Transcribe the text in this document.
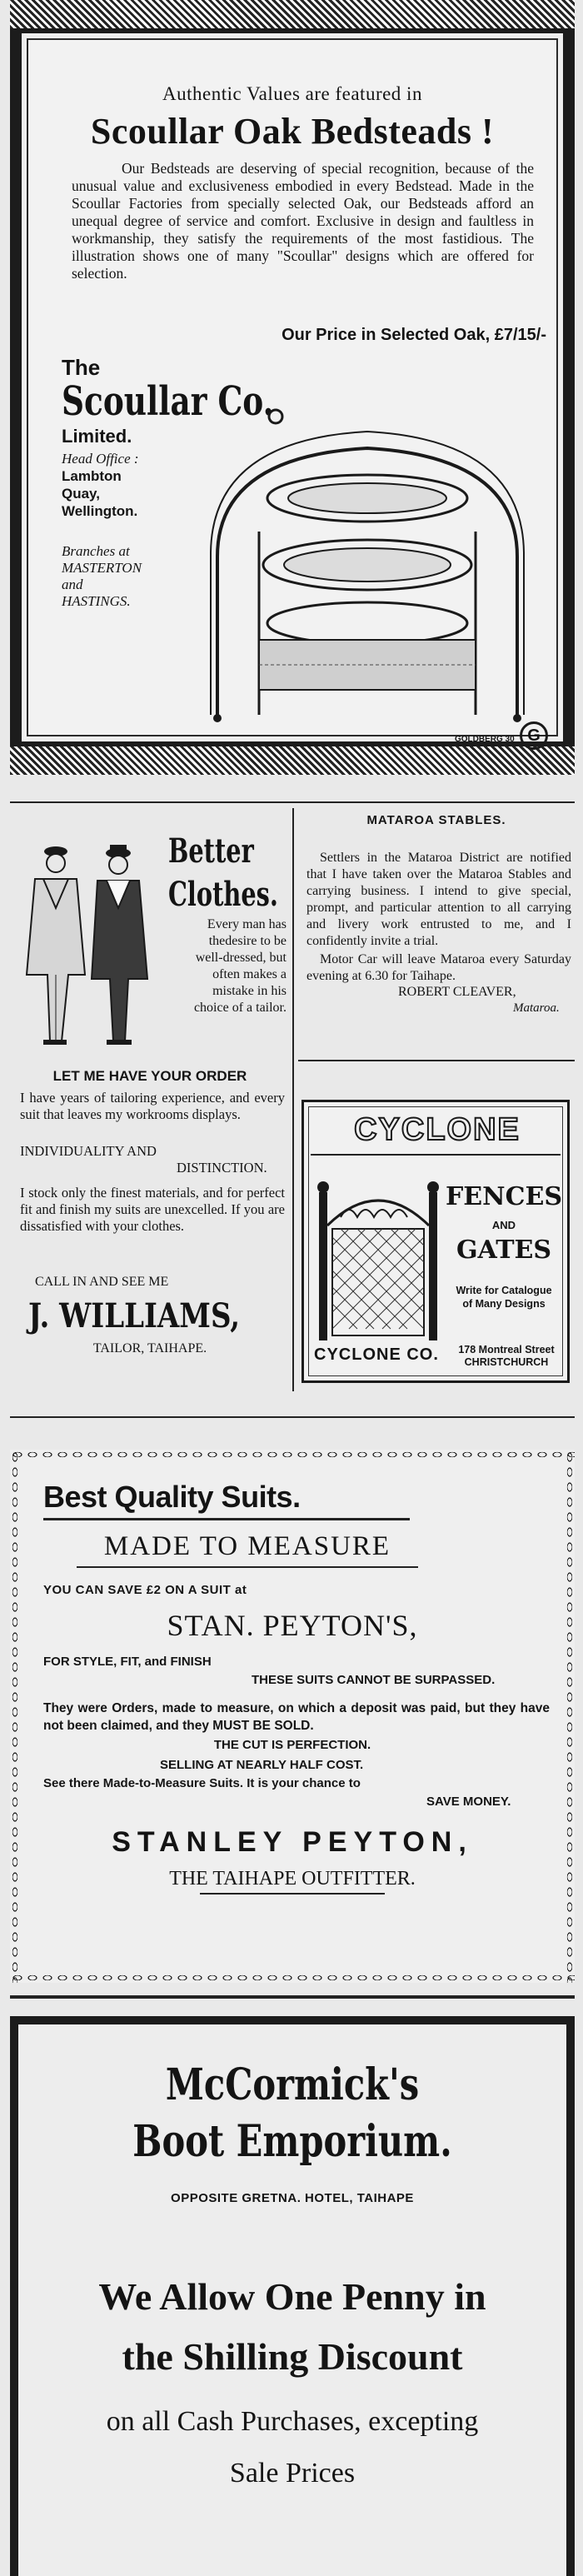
Authentic Values are featured in
Scoullar Oak Bedsteads !
Our Bedsteads are deserving of special recognition, because of the unusual value and exclusiveness embodied in every Bedstead. Made in the Scoullar Factories from specially selected Oak, our Bedsteads afford an unequal degree of service and comfort. Exclusive in design and faultless in workmanship, they satisfy the requirements of the most fastidious. The illustration shows one of many "Scoullar" designs which are offered for selection.
Our Price in Selected Oak, £7/15/-
The
Scoullar Co.
Limited.
Head Office :
Lambton
Quay,
Wellington.
Branches at
MASTERTON
and
HASTINGS.
GOLDBERG 30 G
Better
Clothes.
Every man has
thedesire to be
well-dressed, but
often makes a
mistake in his
choice of a tailor.
LET ME HAVE YOUR ORDER
I have years of tailoring experience, and every suit that leaves my workrooms displays.
INDIVIDUALITY AND
DISTINCTION.
I stock only the finest materials, and for perfect fit and finish my suits are unexcelled. If you are dissatisfied with your clothes.
CALL IN AND SEE ME
J. WILLIAMS,
TAILOR, TAIHAPE.
MATAROA STABLES.
Settlers in the Mataroa District are notified that I have taken over the Mataroa Stables and carrying business. I intend to give special, prompt, and particular attention to all carrying and livery work entrusted to me, and I confidently invite a trial.
Motor Car will leave Mataroa every Saturday evening at 6.30 for Taihape.
ROBERT CLEAVER,
Mataroa.
CYCLONE
FENCES
AND
GATES
Write for Catalogue
of Many Designs
CYCLONE CO.	178 Montreal Street
CHRISTCHURCH
Best Quality Suits.
MADE TO MEASURE
YOU CAN SAVE £2 ON A SUIT at
STAN. PEYTON'S,
FOR STYLE, FIT, and FINISH
THESE SUITS CANNOT BE SURPASSED.
They were Orders, made to measure, on which a deposit was paid, but they have not been claimed, and they MUST BE SOLD.
THE CUT IS PERFECTION.
SELLING AT NEARLY HALF COST.
See there Made-to-Measure Suits. It is your chance to
SAVE MONEY.
STANLEY PEYTON,
THE TAIHAPE OUTFITTER.
McCormick's
Boot Emporium.
OPPOSITE GRETNA. HOTEL, TAIHAPE
We Allow One Penny in
the Shilling Discount
on all Cash Purchases, excepting
Sale Prices
